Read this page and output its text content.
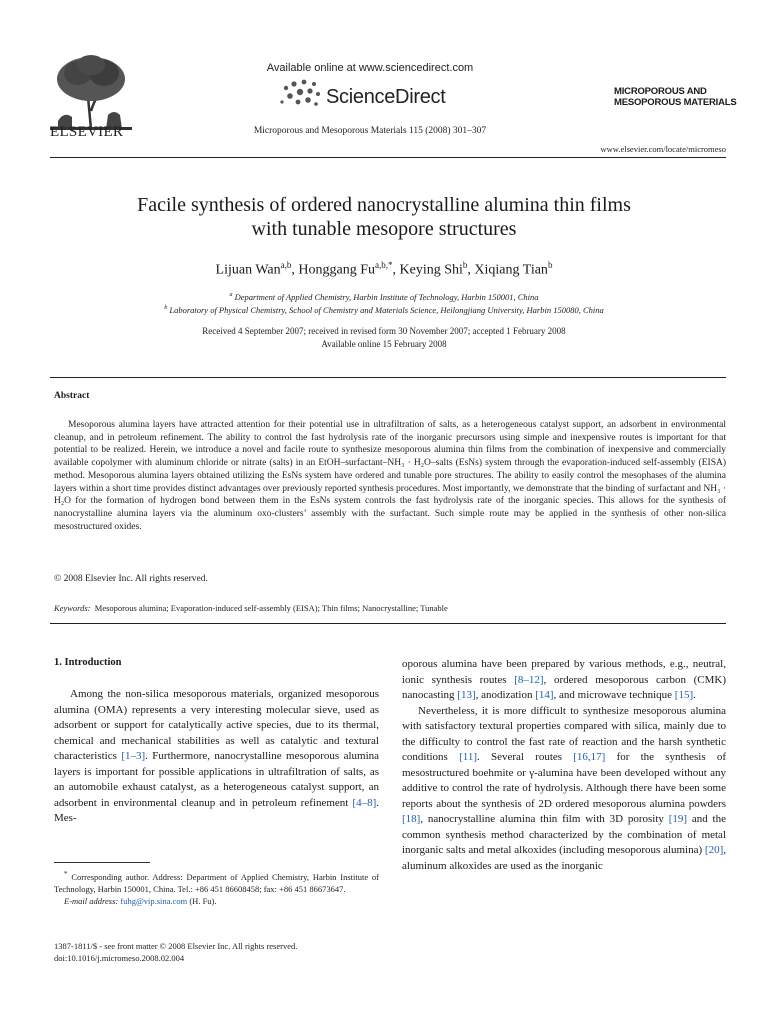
ELSEVIER
Available online at www.sciencedirect.com
ScienceDirect
Microporous and Mesoporous Materials 115 (2008) 301–307
MICROPOROUS AND
MESOPOROUS MATERIALS
www.elsevier.com/locate/micromeso
Facile synthesis of ordered nanocrystalline alumina thin films
with tunable mesopore structures
Lijuan Wan$^{a,b}$, Honggang $Fu^{a,b,*}$, Keying Shi$^b$, Xiqiang Tian$^b$
$^a$ Department of Applied Chemistry, Harbin Institute of Technology, Harbin 150001, China
$^b$ Laboratory of Physical Chemistry, School of Chemistry and Materials Science, Heilongjiang University, Harbin 150080, China
Received 4 September 2007; received in revised form 30 November 2007; accepted 1 February 2008
Available online 15 February 2008
Abstract
Mesoporous alumina layers have attracted attention for their potential use in ultrafiltration of salts, as a heterogeneous catalyst support, an adsorbent in environmental cleanup, and in petroleum refinement. The ability to control the fast hydrolysis rate of the inorganic precursors using simple and inexpensive routes is important for that potential to be realized. Herein, we introduce a novel and facile route to synthesize mesoporous alumina thin films from the combination of inexpensive and commercially available copolymer with aluminum chloride or nitrate (salts) in an EtOH–surfactant–NH₃ · H₂O–salts (EsNs) system through the evaporation-induced self-assembly (EISA) method. Mesoporous alumina layers obtained utilizing the EsNs system have ordered and tunable pore structures. The ability to easily control the mesophases of the alumina layers within a short time provides distinct advantages over previously reported synthesis procedures. Most importantly, we demonstrate that the binding of surfactant and NH₃ · H₂O for the formation of hydrogen bond between them in the EsNs system controls the fast hydrolysis rate of the inorganic species. This allows for the synthesis of nanocrystalline alumina layers via the aluminum oxo-clusters’ assembly with the surfactant. Such simple route may be applied in the synthesis of other non-silica mesostructured oxides.
© 2008 Elsevier Inc. All rights reserved.
Keywords: Mesoporous alumina; Evaporation-induced self-assembly (EISA); Thin films; Nanocrystalline; Tunable
1. Introduction
Among the non-silica mesoporous materials, organized mesoporous alumina (OMA) represents a very interesting molecular sieve, used as adsorbent or support for catalytically active species, due to its thermal, chemical and mechanical stabilities as well as catalytic and textural characteristics [1–3]. Furthermore, nanocrystalline mesoporous alumina layers is important for possible applications in ultrafiltration of salts, as an automobile exhaust catalyst, as a heterogeneous catalyst support, an adsorbent in environmental cleanup and in petroleum refinement [4–8]. Mes-

* Corresponding author. Address: Department of Applied Chemistry, Harbin Institute of Technology, Harbin 150001, China. Tel.: +86 451 86608458; fax: +86 451 86673647.

E-mail address: fuhg@vip.sina.com (H. Fu).

1387-1811/$ - see front matter © 2008 Elsevier Inc. All rights reserved.
doi:10.1016/j.micromeso.2008.02.004

oporous alumina have been prepared by various methods, e.g., neutral, ionic synthesis routes [8–12], ordered mesoporous carbon (CMK) nanocasting [13], anodization [14], and microwave technique [15].

Nevertheless, it is more difficult to synthesize mesoporous alumina with satisfactory textural properties compared with silica, mainly due to the difficulty to control the fast rate of reaction and the harsh synthetic conditions [11]. Several routes [16,17] for the synthesis of mesostructured boehmite or γ-alumina have been developed without any additive to control the rate of hydrolysis. Although there have been some reports about the synthesis of 2D ordered mesoporous alumina powders [18], nanocrystalline alumina thin film with 3D porosity [19] and the common synthesis method characterized by the combination of metal inorganic salts and metal alkoxides (including mesoporous alumina) [20], aluminum alkoxides are used as the inorganic
